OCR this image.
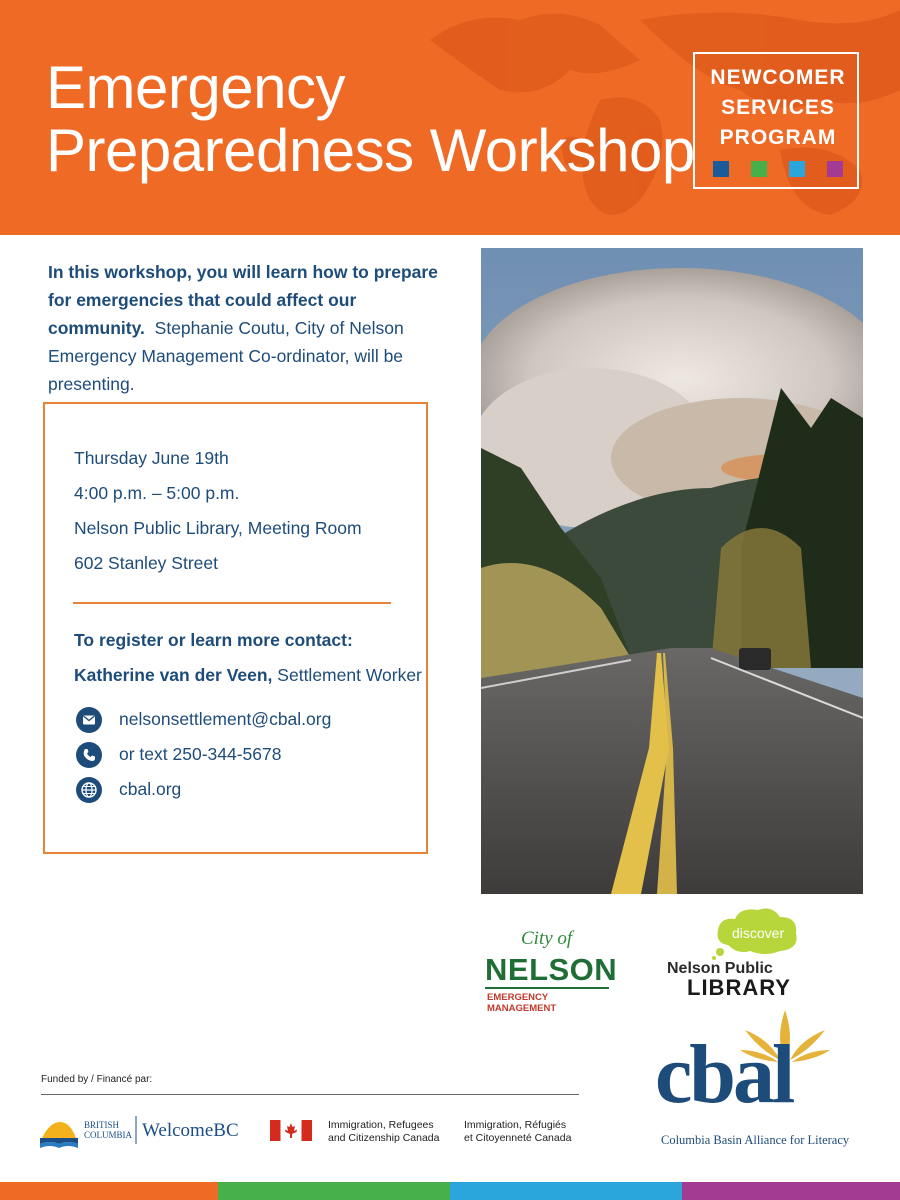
Emergency
Preparedness Workshop
NEWCOMER
SERVICES
PROGRAM
In this workshop, you will learn how to prepare for emergencies that could affect our community. Stephanie Coutu, City of Nelson Emergency Management Co-ordinator, will be presenting.
Thursday June 19th
4:00 p.m. – 5:00 p.m.
Nelson Public Library, Meeting Room
602 Stanley Street
To register or learn more contact:
Katherine van der Veen, Settlement Worker
nelsonsettlement@cbal.org
or text 250-344-5678
cbal.org
City of
NELSON
EMERGENCY MANAGEMENT
discover
Nelson Public
LIBRARY
cbal
Columbia Basin Alliance for Literacy
Funded by / Financé par:
BRITISH
COLUMBIA WelcomeBC	Immigration, Refugees
and Citizenship Canada
Immigration, Réfugiés
et Citoyenneté Canada
